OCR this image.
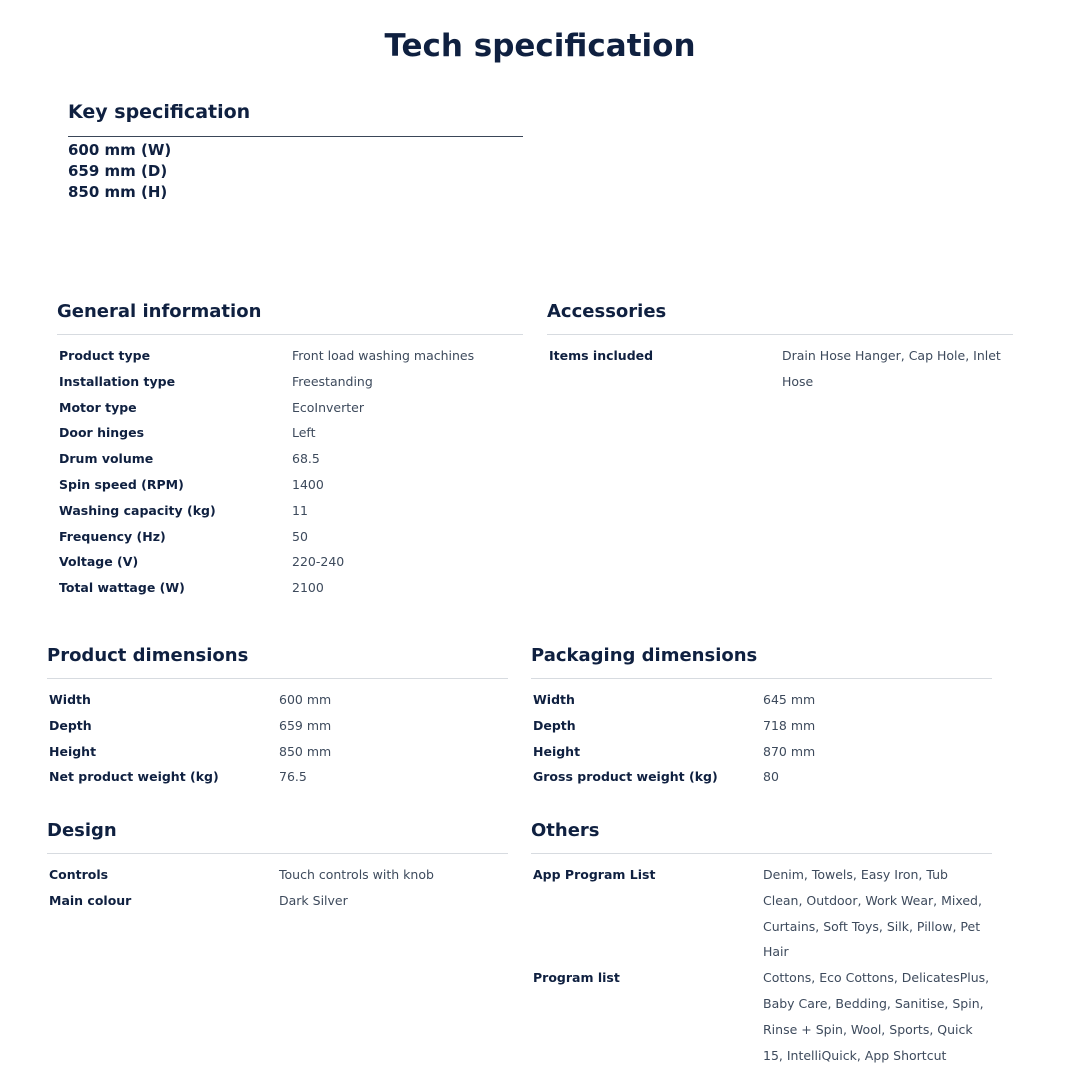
Tech specification
Key specification
600 mm (W)
659 mm (D)
850 mm (H)
General information
Product type	Front load washing machines
Installation type	Freestanding
Motor type	EcoInverter
Door hinges	Left
Drum volume	68.5
Spin speed (RPM)	1400
Washing capacity (kg)	11
Frequency (Hz)	50
Voltage (V)	220-240
Total wattage (W)	2100
Accessories
Items included	Drain Hose Hanger, Cap Hole, Inlet Hose
Product dimensions
Width	600 mm
Depth	659 mm
Height	850 mm
Net product weight (kg)	76.5
Packaging dimensions
Width	645 mm
Depth	718 mm
Height	870 mm
Gross product weight (kg)	80
Design
Controls	Touch controls with knob
Main colour	Dark Silver
Others
App Program List	Denim, Towels, Easy Iron, Tub Clean, Outdoor, Work Wear, Mixed, Curtains, Soft Toys, Silk, Pillow, Pet Hair
Program list	Cottons, Eco Cottons, DelicatesPlus, Baby Care, Bedding, Sanitise, Spin, Rinse + Spin, Wool, Sports, Quick 15, IntelliQuick, App Shortcut
